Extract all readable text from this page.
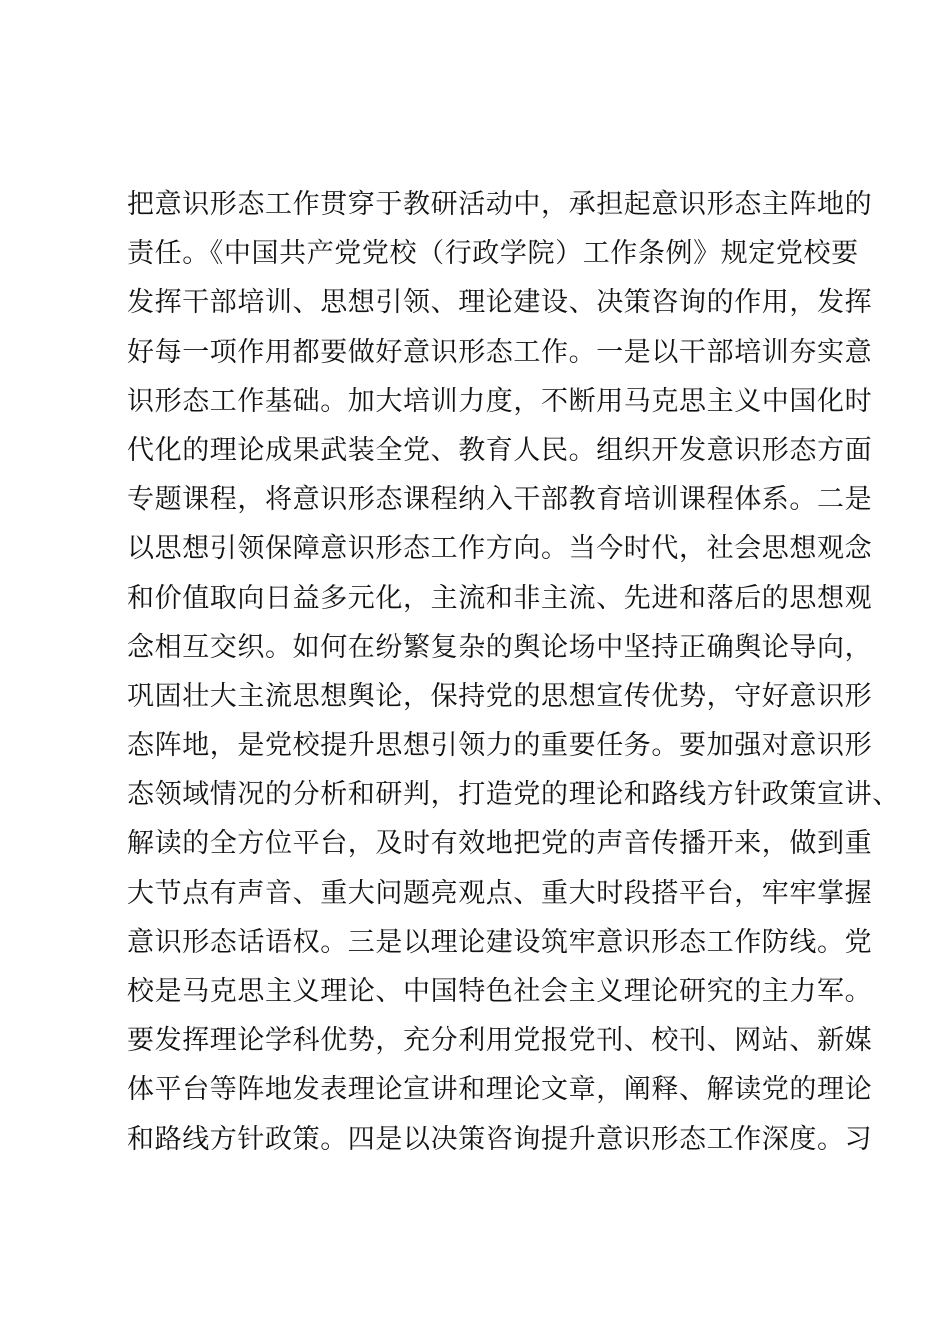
把意识形态工作贯穿于教研活动中，承担起意识形态主阵地的
责任。《中国共产党党校（行政学院）工作条例》规定党校要
发挥干部培训、思想引领、理论建设、决策咨询的作用，发挥
好每一项作用都要做好意识形态工作。一是以干部培训夯实意
识形态工作基础。加大培训力度，不断用马克思主义中国化时
代化的理论成果武装全党、教育人民。组织开发意识形态方面
专题课程，将意识形态课程纳入干部教育培训课程体系。二是
以思想引领保障意识形态工作方向。当今时代，社会思想观念
和价值取向日益多元化，主流和非主流、先进和落后的思想观
念相互交织。如何在纷繁复杂的舆论场中坚持正确舆论导向，
巩固壮大主流思想舆论，保持党的思想宣传优势，守好意识形
态阵地，是党校提升思想引领力的重要任务。要加强对意识形
态领域情况的分析和研判，打造党的理论和路线方针政策宣讲、
解读的全方位平台，及时有效地把党的声音传播开来，做到重
大节点有声音、重大问题亮观点、重大时段搭平台，牢牢掌握
意识形态话语权。三是以理论建设筑牢意识形态工作防线。党
校是马克思主义理论、中国特色社会主义理论研究的主力军。
要发挥理论学科优势，充分利用党报党刊、校刊、网站、新媒
体平台等阵地发表理论宣讲和理论文章，阐释、解读党的理论
和路线方针政策。四是以决策咨询提升意识形态工作深度。习
